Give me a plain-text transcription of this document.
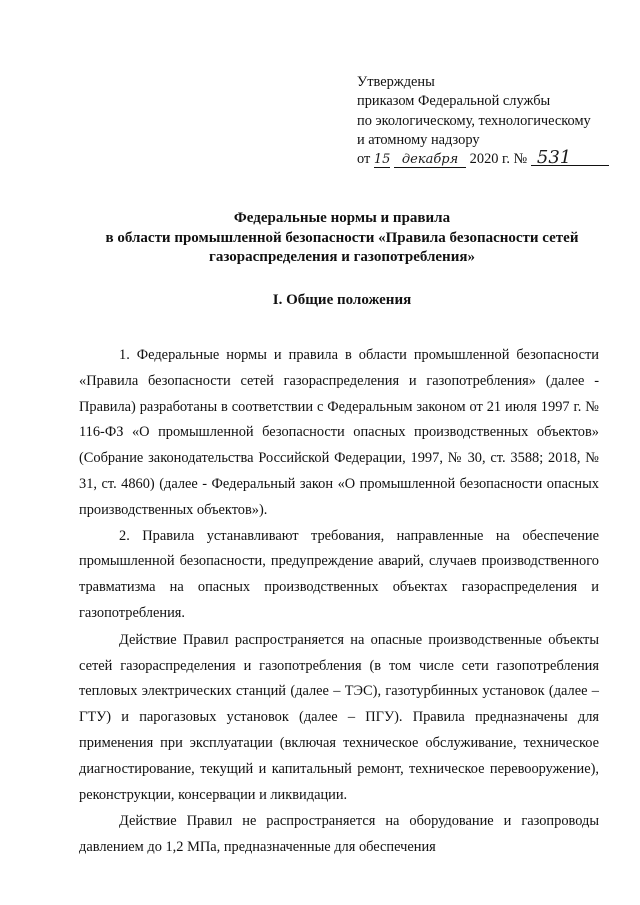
Утверждены
приказом Федеральной службы
по экологическому, технологическому
и атомному надзору
от 15 декабря 2020 г. № 531
Федеральные нормы и правила
в области промышленной безопасности «Правила безопасности сетей
газораспределения и газопотребления»
I. Общие положения

1. Федеральные нормы и правила в области промышленной безопасности «Правила безопасности сетей газораспределения и газопотребления» (далее - Правила) разработаны в соответствии с Федеральным законом от 21 июля 1997 г. № 116-ФЗ «О промышленной безопасности опасных производственных объектов» (Собрание законодательства Российской Федерации, 1997, № 30, ст. 3588; 2018, № 31, ст. 4860) (далее - Федеральный закон «О промышленной безопасности опасных производственных объектов»).

2. Правила устанавливают требования, направленные на обеспечение промышленной безопасности, предупреждение аварий, случаев производственного травматизма на опасных производственных объектах газораспределения и газопотребления.

Действие Правил распространяется на опасные производственные объекты сетей газораспределения и газопотребления (в том числе сети газопотребления тепловых электрических станций (далее – ТЭС), газотурбинных установок (далее – ГТУ) и парогазовых установок (далее – ПГУ). Правила предназначены для применения при эксплуатации (включая техническое обслуживание, техническое диагностирование, текущий и капитальный ремонт, техническое перевооружение), реконструкции, консервации и ликвидации.

Действие Правил не распространяется на оборудование и газопроводы давлением до 1,2 МПа, предназначенные для обеспечения
